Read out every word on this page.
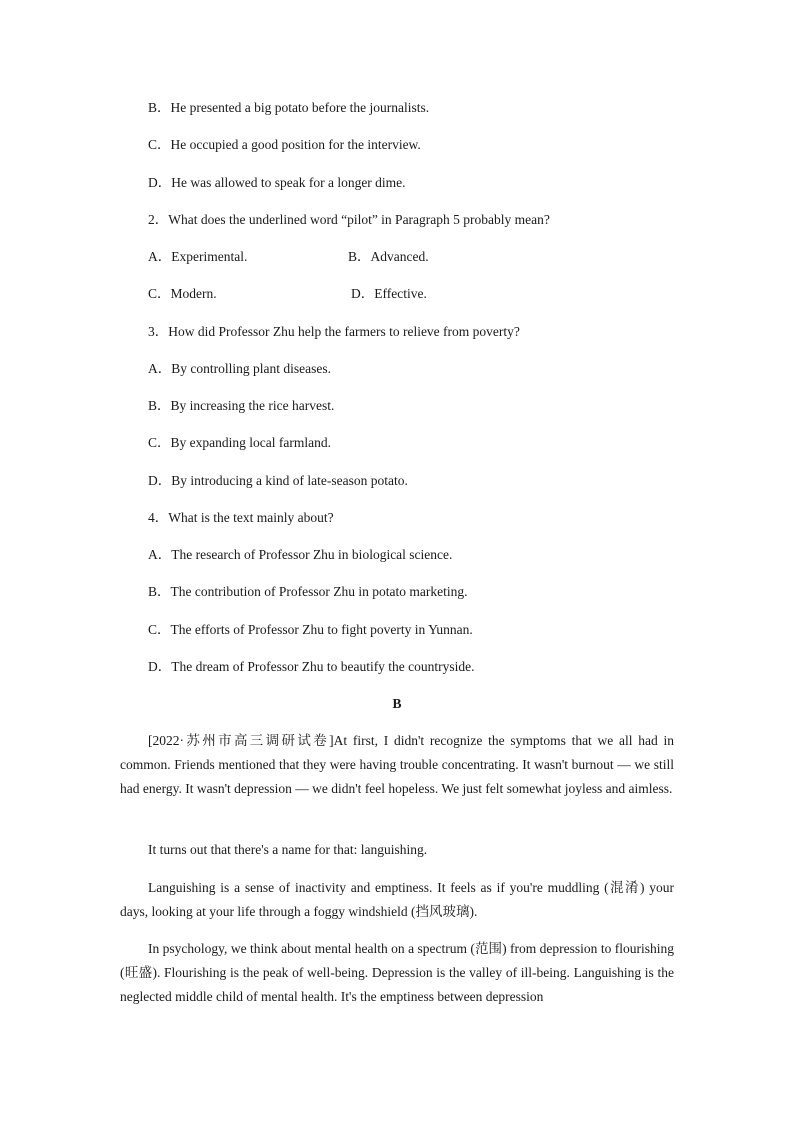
B．He presented a big potato before the journalists.
C．He occupied a good position for the interview.
D．He was allowed to speak for a longer dime.
2．What does the underlined word “pilot” in Paragraph 5 probably mean?
A．Experimental.	B．Advanced.
C．Modern.	D．Effective.
3．How did Professor Zhu help the farmers to relieve from poverty?
A．By controlling plant diseases.
B．By increasing the rice harvest.
C．By expanding local farmland.
D．By introducing a kind of late-season potato.
4．What is the text mainly about?
A．The research of Professor Zhu in biological science.
B．The contribution of Professor Zhu in potato marketing.
C．The efforts of Professor Zhu to fight poverty in Yunnan.
D．The dream of Professor Zhu to beautify the countryside.
B

[2022·苏州市高三调研试卷]At first, I didn't recognize the symptoms that we all had in common. Friends mentioned that they were having trouble concentrating. It wasn't burnout — we still had energy. It wasn't depression — we didn't feel hopeless. We just felt somewhat joyless and aimless.

It turns out that there's a name for that: languishing.

Languishing is a sense of inactivity and emptiness. It feels as if you're muddling (混淆) your days, looking at your life through a foggy windshield (挡风玻璃).

In psychology, we think about mental health on a spectrum (范围) from depression to flourishing (旺盛). Flourishing is the peak of well-being. Depression is the valley of ill-being. Languishing is the neglected middle child of mental health. It's the emptiness between depression
